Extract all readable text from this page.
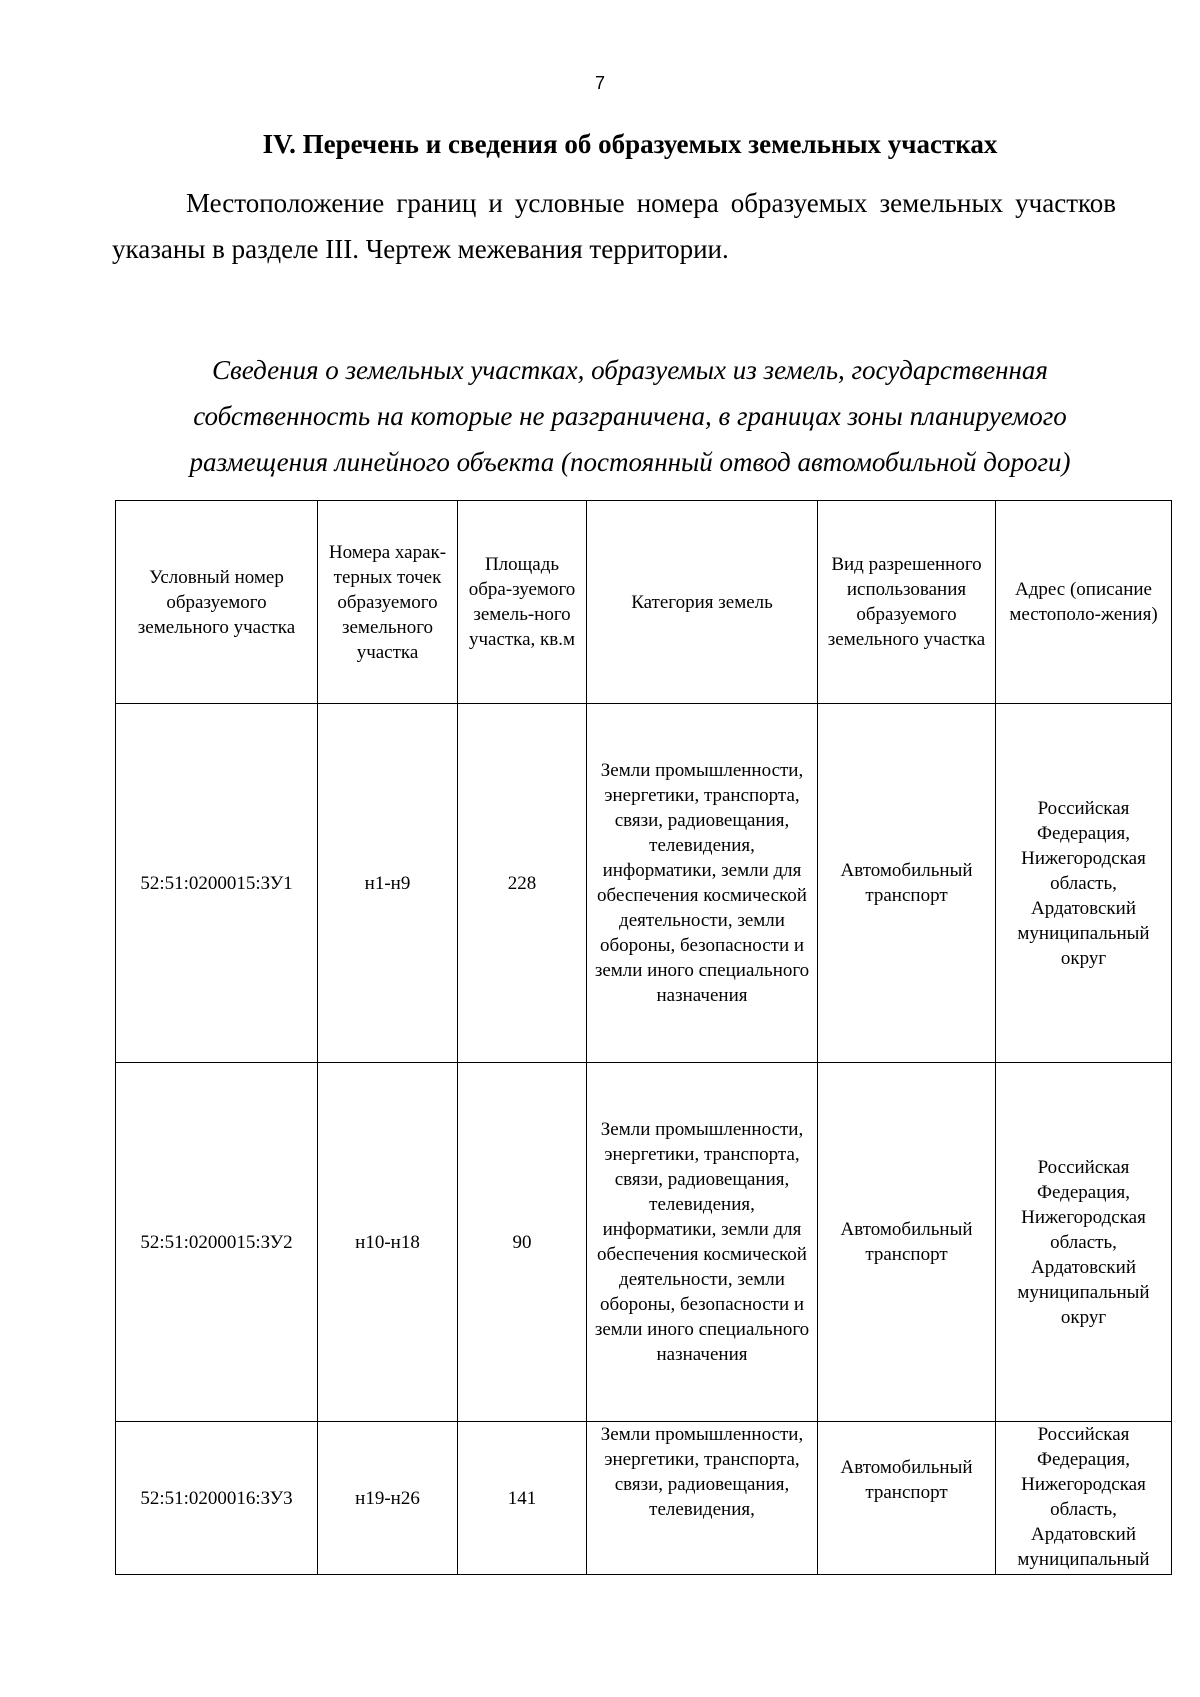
7
IV. Перечень и сведения об образуемых земельных участках

Местоположение границ и условные номера образуемых земельных участков указаны в разделе III. Чертеж межевания территории.

Сведения о земельных участках, образуемых из земель, государственная собственность на которые не разграничена, в границах зоны планируемого размещения линейного объекта (постоянный отвод автомобильной дороги)

Условный номер образуемого земельного участка	Номера харак-терных точек образуемого земельного участка	Площадь обра-зуемого земель-ного участка, кв.м	Категория земель	Вид разрешенного использования образуемого земельного участка	Адрес (описание местополо-жения)
52:51:0200015:ЗУ1	н1-н9	228	Земли промышленности, энергетики, транспорта, связи, радиовещания, телевидения, информатики, земли для обеспечения космической деятельности, земли обороны, безопасности и земли иного специального назначения	Автомобильный транспорт	Российская Федерация, Нижегородская область, Ардатовский муниципальный округ
52:51:0200015:ЗУ2	н10-н18	90	Земли промышленности, энергетики, транспорта, связи, радиовещания, телевидения, информатики, земли для обеспечения космической деятельности, земли обороны, безопасности и земли иного специального назначения	Автомобильный транспорт	Российская Федерация, Нижегородская область, Ардатовский муниципальный округ
52:51:0200016:ЗУ3	н19-н26	141	Земли промышленности, энергетики, транспорта, связи, радиовещания, телевидения,	Автомобильный транспорт	Российская Федерация, Нижегородская область, Ардатовский муниципальный
